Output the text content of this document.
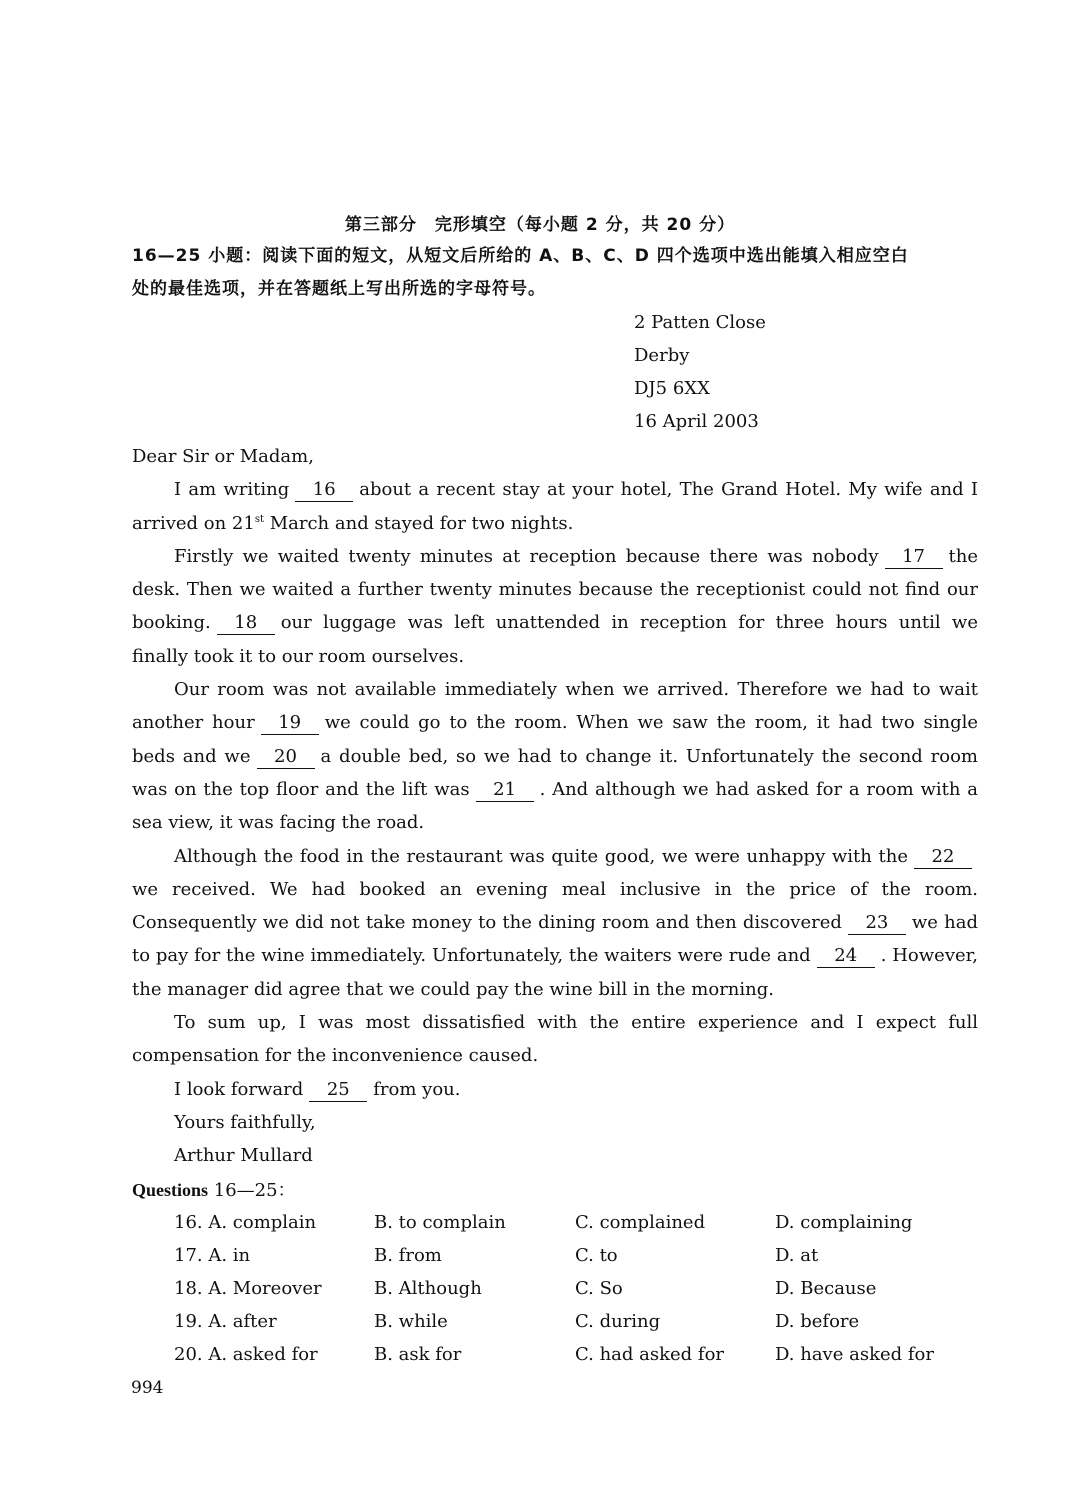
第三部分　完形填空（每小题 2 分，共 20 分）
16—25 小题：阅读下面的短文，从短文后所给的 A、B、C、D 四个选项中选出能填入相应空白
处的最佳选项，并在答题纸上写出所选的字母符号。
2 Patten Close
Derby
DJ5 6XX
16 April 2003

Dear Sir or Madam,

I am writing 16 about a recent stay at your hotel, The Grand Hotel. My wife and I arrived on 21st March and stayed for two nights.

Firstly we waited twenty minutes at reception because there was nobody 17 the desk. Then we waited a further twenty minutes because the receptionist could not find our booking. 18 our luggage was left unattended in reception for three hours until we finally took it to our room ourselves.

Our room was not available immediately when we arrived. Therefore we had to wait another hour 19 we could go to the room. When we saw the room, it had two single beds and we 20 a double bed, so we had to change it. Unfortunately the second room was on the top floor and the lift was 21 . And although we had asked for a room with a sea view, it was facing the road.

Although the food in the restaurant was quite good, we were unhappy with the 22we received. We had booked an evening meal inclusive in the price of the room. Consequently we did not take money to the dining room and then discovered 23 we had to pay for the wine immediately. Unfortunately, the waiters were rude and 24 . However, the manager did agree that we could pay the wine bill in the morning.

To sum up, I was most dissatisfied with the entire experience and I expect full compensation for the inconvenience caused.

I look forward 25 from you.

Yours faithfully,

Arthur Mullard

Questions 16—25：
16. A. complain	B. to complain	C. complained	D. complaining
17. A. in	B. from	C. to	D. at
18. A. Moreover	B. Although	C. So	D. Because
19. A. after	B. while	C. during	D. before
20. A. asked for	B. ask for	C. had asked for	D. have asked for
994
